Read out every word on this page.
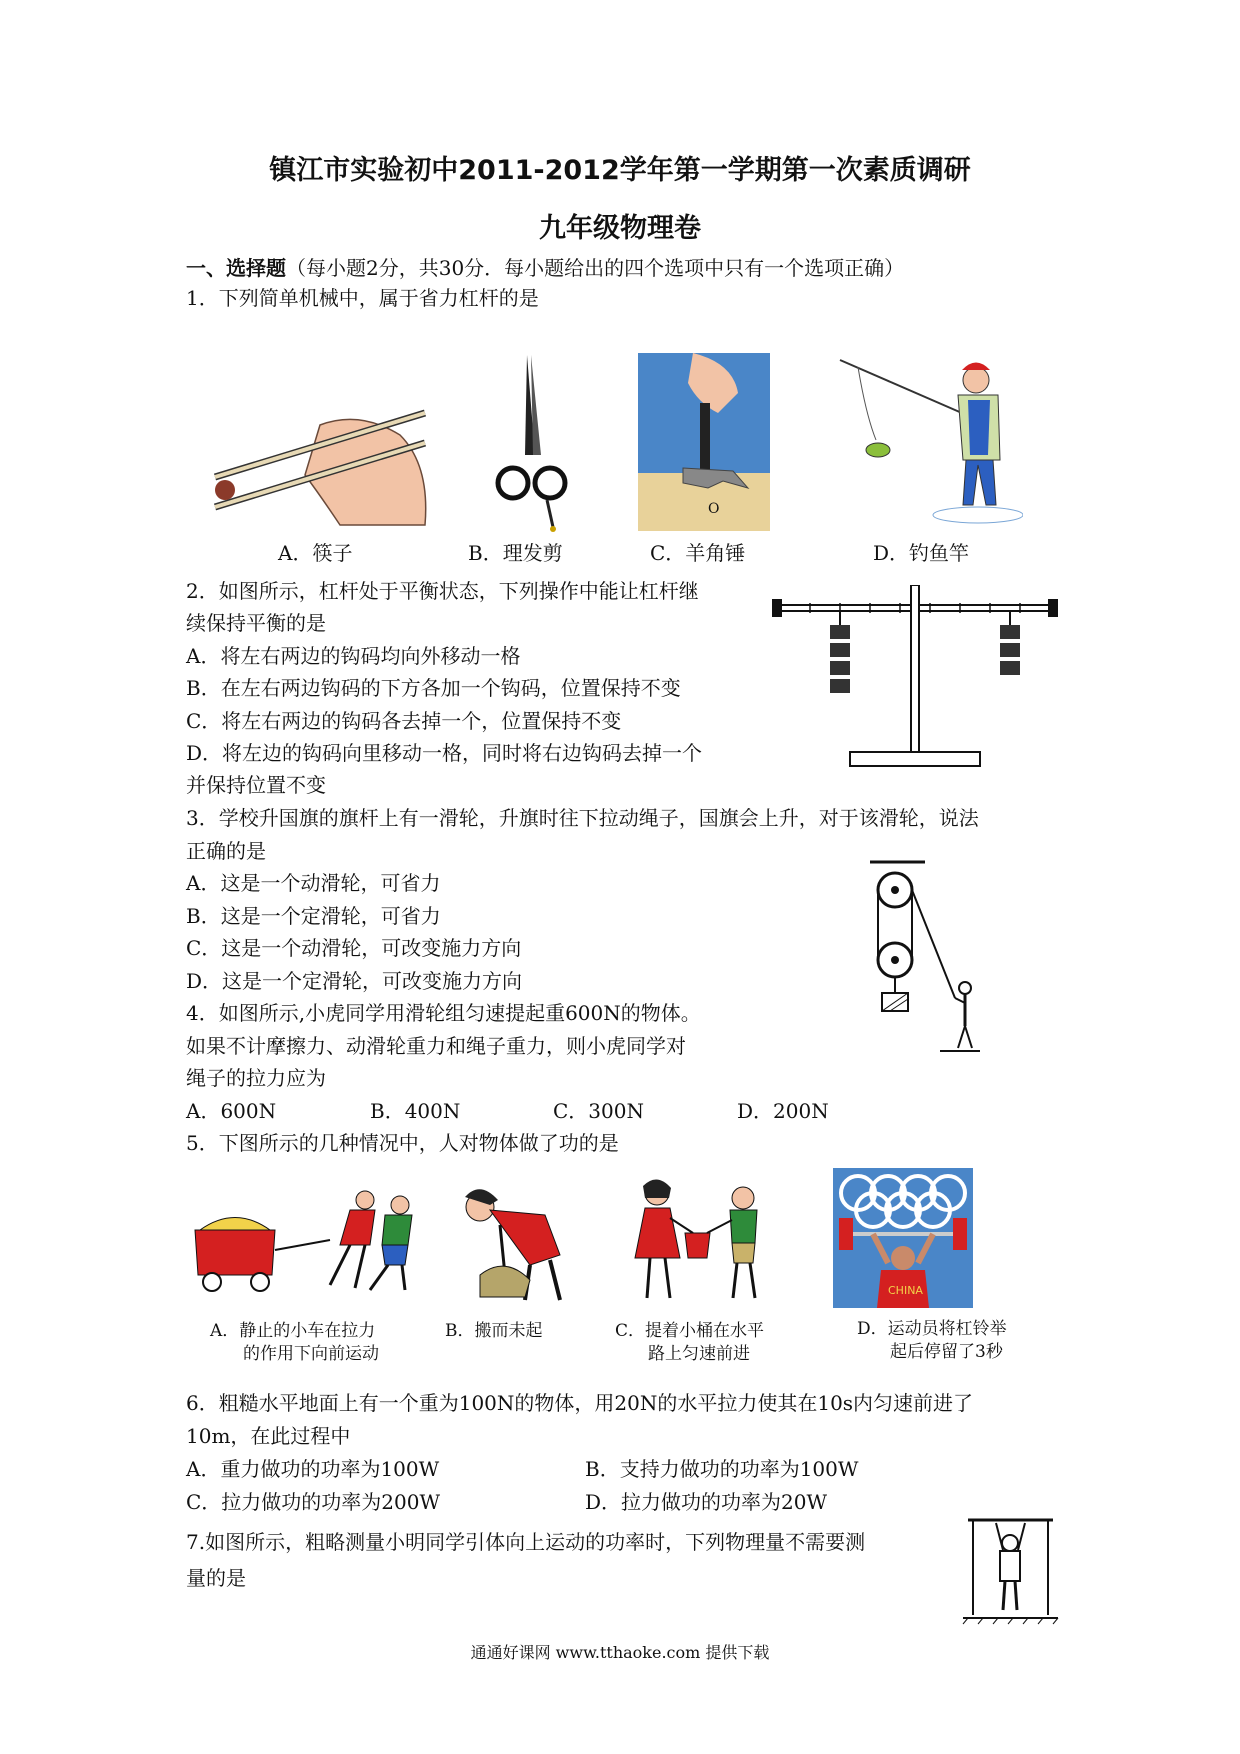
镇江市实验初中2011-2012学年第一学期第一次素质调研
九年级物理卷
一、选择题（每小题2分，共30分．每小题给出的四个选项中只有一个选项正确）
1．下列简单机械中，属于省力杠杆的是
O
A．筷子	B．理发剪	C．羊角锤	D．钓鱼竿
2．如图所示，杠杆处于平衡状态，下列操作中能让杠杆继
续保持平衡的是
A．将左右两边的钩码均向外移动一格
B．在左右两边钩码的下方各加一个钩码，位置保持不变
C．将左右两边的钩码各去掉一个，位置保持不变
D．将左边的钩码向里移动一格，同时将右边钩码去掉一个
并保持位置不变
3．学校升国旗的旗杆上有一滑轮，升旗时往下拉动绳子，国旗会上升，对于该滑轮，说法
正确的是
A．这是一个动滑轮，可省力
B．这是一个定滑轮，可省力
C．这是一个动滑轮，可改变施力方向
D．这是一个定滑轮，可改变施力方向
4．如图所示,小虎同学用滑轮组匀速提起重600N的物体。
如果不计摩擦力、动滑轮重力和绳子重力，则小虎同学对
绳子的拉力应为
A．600N	B．400N	C．300N	D．200N
5．下图所示的几种情况中，人对物体做了功的是
CHINA
A．静止的小车在拉力
的作用下向前运动
B．搬而未起	C．提着小桶在水平
路上匀速前进
D．运动员将杠铃举
起后停留了3秒
6．粗糙水平地面上有一个重为100N的物体，用20N的水平拉力使其在10s内匀速前进了
10m，在此过程中
A．重力做功的功率为100W	B．支持力做功的功率为100W
C．拉力做功的功率为200W	D．拉力做功的功率为20W
7.如图所示，粗略测量小明同学引体向上运动的功率时，下列物理量不需要测
量的是
通通好课网 www.tthaoke.com 提供下载
